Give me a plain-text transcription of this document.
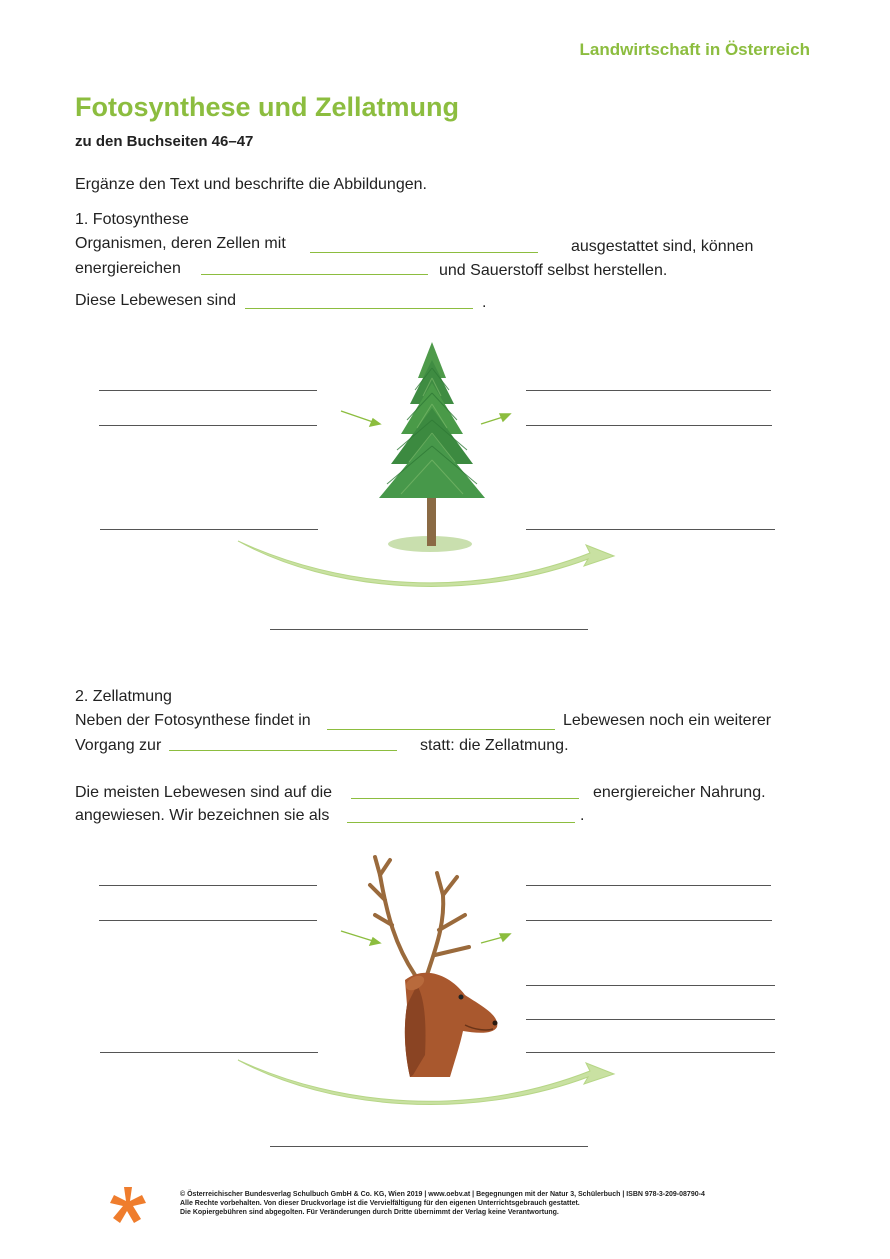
Landwirtschaft in Österreich
Fotosynthese und Zellatmung
zu den Buchseiten 46–47
Ergänze den Text und beschrifte die Abbildungen.
1. Fotosynthese
Organismen, deren Zellen mit	ausgestattet sind, können
energiereichen	und Sauerstoff selbst herstellen.
Diese Lebewesen sind	.
2. Zellatmung
Neben der Fotosynthese findet in	Lebewesen noch ein weiterer
Vorgang zur	statt: die Zellatmung.
Die meisten Lebewesen sind auf die	energiereicher Nahrung.
angewiesen. Wir bezeichnen sie als	.
© Österreichischer Bundesverlag Schulbuch GmbH & Co. KG, Wien 2019 | www.oebv.at | Begegnungen mit der Natur 3, Schülerbuch | ISBN 978-3-209-08790-4
Alle Rechte vorbehalten. Von dieser Druckvorlage ist die Vervielfältigung für den eigenen Unterrichtsgebrauch gestattet.
Die Kopiergebühren sind abgegolten. Für Veränderungen durch Dritte übernimmt der Verlag keine Verantwortung.
